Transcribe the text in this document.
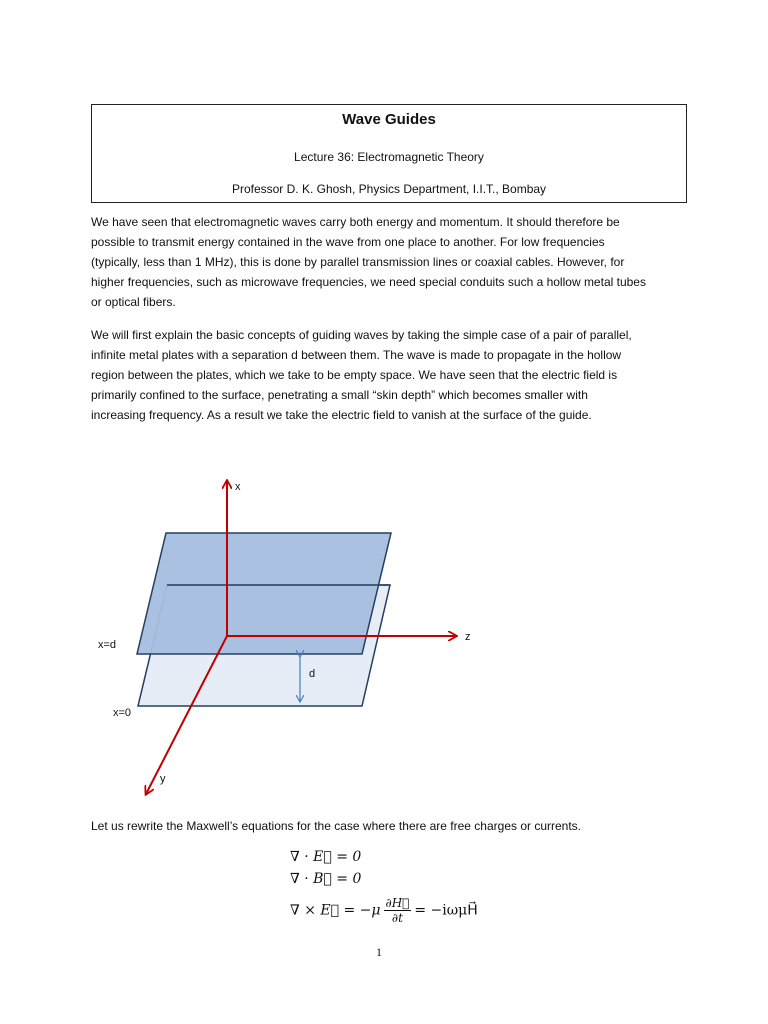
Wave Guides
Lecture 36: Electromagnetic Theory
Professor D. K. Ghosh, Physics Department, I.I.T., Bombay
We have seen that electromagnetic waves carry both energy and momentum. It should therefore be
possible to transmit energy contained in the wave from one place to another. For low frequencies
(typically, less than 1 MHz), this is done by parallel transmission lines or coaxial cables. However, for
higher frequencies, such as microwave frequencies, we need special conduits such a hollow metal tubes
or optical fibers.
We will first explain the basic concepts of guiding waves by taking the simple case of a pair of parallel,
infinite metal plates with a separation d between them. The wave is made to propagate in the hollow
region between the plates, which we take to be empty space. We have seen that the electric field is
primarily confined to the surface, penetrating a small “skin depth” which becomes smaller with
increasing frequency. As a result we take the electric field to vanish at the surface of the guide.
x
z
y
x=d
x=0
d
Let us rewrite the Maxwell’s equations for the case where there are free charges or currents.
∇ · E⃗ = 0
∇ · B⃗ = 0
∇ × E⃗ = $-\mu \frac{\partial H⃗}{\partial t}$ = −iωμH⃗
1
